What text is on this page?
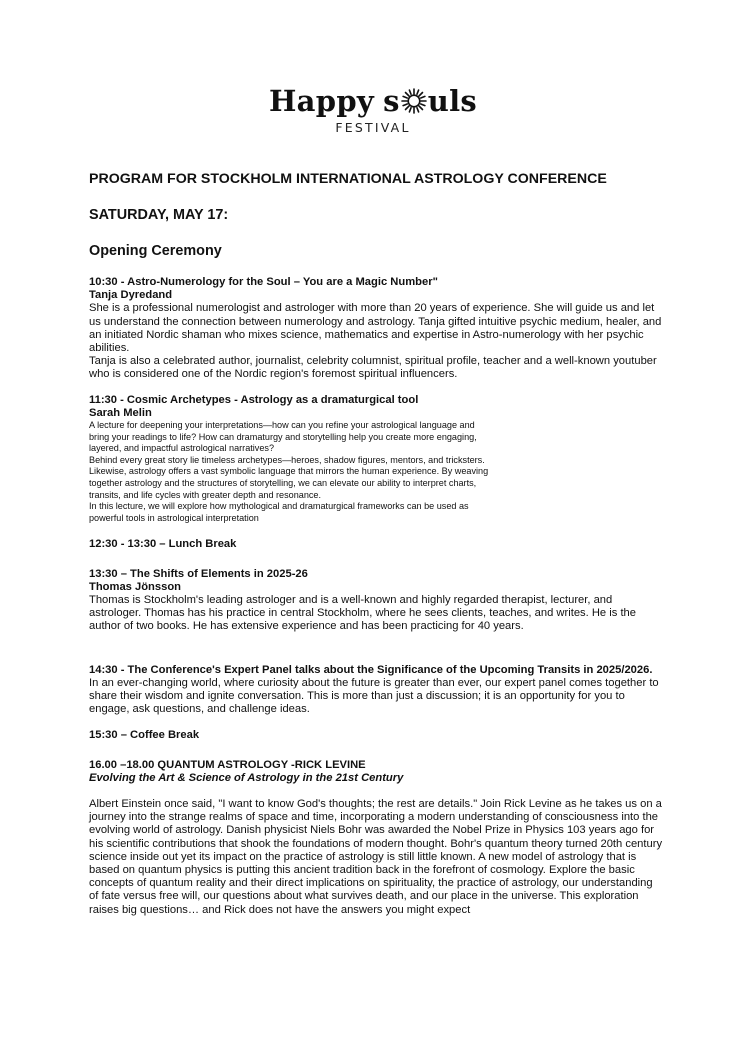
Happy s uls
FESTIVAL
PROGRAM FOR STOCKHOLM INTERNATIONAL ASTROLOGY CONFERENCE
SATURDAY, MAY 17:
Opening Ceremony

10:30 - Astro-Numerology for the Soul – You are a Magic Number"

Tanja Dyredand

She is a professional numerologist and astrologer with more than 20 years of experience. She will guide us and let us understand the connection between numerology and astrology. Tanja gifted intuitive psychic medium, healer, and an initiated Nordic shaman who mixes science, mathematics and expertise in Astro-numerology with her psychic abilities.

Tanja is also a celebrated author, journalist, celebrity columnist, spiritual profile, teacher and a well-known youtuber who is considered one of the Nordic region's foremost spiritual influencers.

11:30 - Cosmic Archetypes - Astrology as a dramaturgical tool

Sarah Melin

A lecture for deepening your interpretations—how can you refine your astrological language and bring your readings to life? How can dramaturgy and storytelling help you create more engaging, layered, and impactful astrological narratives?

Behind every great story lie timeless archetypes—heroes, shadow figures, mentors, and tricksters. Likewise, astrology offers a vast symbolic language that mirrors the human experience. By weaving together astrology and the structures of storytelling, we can elevate our ability to interpret charts, transits, and life cycles with greater depth and resonance.

In this lecture, we will explore how mythological and dramaturgical frameworks can be used as powerful tools in astrological interpretation

12:30 - 13:30 – Lunch Break

13:30 – The Shifts of Elements in 2025-26

Thomas Jönsson

Thomas is Stockholm's leading astrologer and is a well-known and highly regarded therapist, lecturer, and astrologer. Thomas has his practice in central Stockholm, where he sees clients, teaches, and writes. He is the author of two books. He has extensive experience and has been practicing for 40 years.

14:30 - The Conference's Expert Panel talks about the Significance of the Upcoming Transits in 2025/2026.

In an ever-changing world, where curiosity about the future is greater than ever, our expert panel comes together to share their wisdom and ignite conversation. This is more than just a discussion; it is an opportunity for you to engage, ask questions, and challenge ideas.

15:30 – Coffee Break

16.00 –18.00 QUANTUM ASTROLOGY -RICK LEVINE

Evolving the Art & Science of Astrology in the 21st Century

Albert Einstein once said, "I want to know God's thoughts; the rest are details." Join Rick Levine as he takes us on a journey into the strange realms of space and time, incorporating a modern understanding of consciousness into the evolving world of astrology. Danish physicist Niels Bohr was awarded the Nobel Prize in Physics 103 years ago for his scientific contributions that shook the foundations of modern thought. Bohr's quantum theory turned 20th century science inside out yet its impact on the practice of astrology is still little known. A new model of astrology that is based on quantum physics is putting this ancient tradition back in the forefront of cosmology. Explore the basic concepts of quantum reality and their direct implications on spirituality, the practice of astrology, our understanding of fate versus free will, our questions about what survives death, and our place in the universe. This exploration raises big questions… and Rick does not have the answers you might expect
